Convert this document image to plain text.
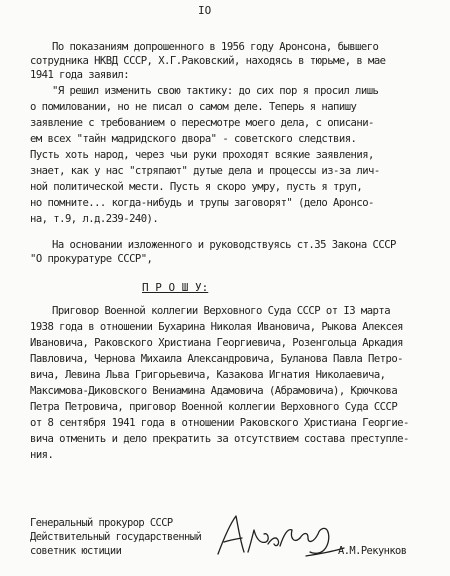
IO
По показаниям допрошенного в 1956 году Аронсона, бывшего
сотрудника НКВД СССР, Х.Г.Раковский, находясь в тюрьме, в мае
1941 года заявил:
"Я решил изменить свою тактику: до сих пор я просил лишь
о помиловании, но не писал о самом деле. Теперь я напишу
заявление с требованием о пересмотре моего дела, с описани-
ем всех "тайн мадридского двора" - советского следствия.
Пусть хоть народ, через чьи руки проходят всякие заявления,
знает, как у нас "стряпают" дутые дела и процессы из-за лич-
ной политической мести. Пусть я скоро умру, пусть я труп,
но помните... когда-нибудь и трупы заговорят" (дело Аронсо-
на, т.9, л.д.239-240).
На основании изложенного и руководствуясь ст.35 Закона СССР
"О прокуратуре СССР",
П Р О Ш У:
Приговор Военной коллегии Верховного Суда СССР от I3 марта
1938 года в отношении Бухарина Николая Ивановича, Рыкова Алексея
Ивановича, Раковского Христиана Георгиевича, Розенгольца Аркадия
Павловича, Чернова Михаила Александровича, Буланова Павла Петро-
вича, Левина Льва Григорьевича, Казакова Игнатия Николаевича,
Максимова-Диковского Вениамина Адамовича (Абрамовича), Крючкова
Петра Петровича, приговор Военной коллегии Верховного Суда СССР
от 8 сентября 1941 года в отношении Раковского Христиана Георгие-
вича отменить и дело прекратить за отсутствием состава преступле-
ния.
Генеральный прокурор СССР
Действительный государственный
советник юстиции	А.М.Рекунков
